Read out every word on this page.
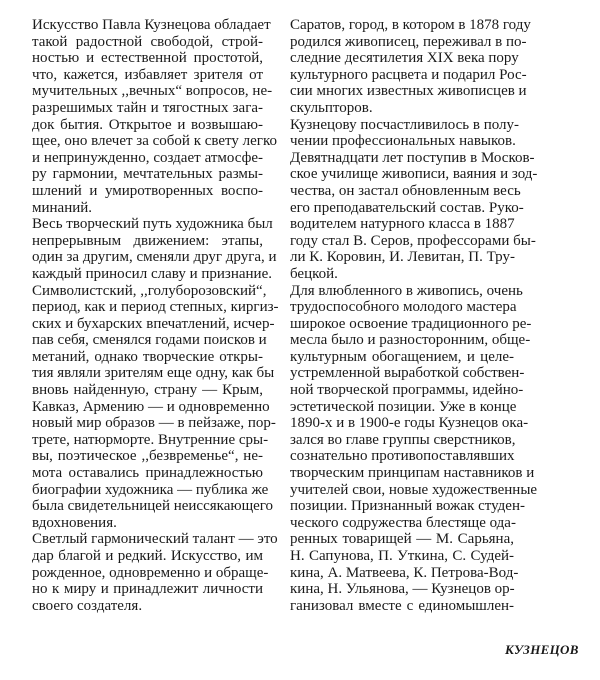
Искусство Павла Кузнецова обладает
такой радостной свободой, строй-
ностью и естественной простотой,
что, кажется, избавляет зрителя от
мучительных ,,вечных“ вопросов, не-
разрешимых тайн и тягостных зага-
док бытия. Открытое и возвышаю-
щее, оно влечет за собой к свету легко
и непринужденно, создает атмосфе-
ру гармонии, мечтательных размы-
шлений и умиротворенных воспо-
минаний.
Весь творческий путь художника был
непрерывным движением: этапы,
один за другим, сменяли друг друга, и
каждый приносил славу и признание.
Символистский, ,,голуборозовский“,
период, как и период степных, киргиз-
ских и бухарских впечатлений, исчер-
пав себя, сменялся годами поисков и
метаний, однако творческие откры-
тия являли зрителям еще одну, как бы
вновь найденную, страну — Крым,
Кавказ, Армению — и одновременно
новый мир образов — в пейзаже, пор-
трете, натюрморте. Внутренние сры-
вы, поэтическое ,,безвременье“, не-
мота оставались принадлежностью
биографии художника — публика же
была свидетельницей неиссякающего
вдохновения.
Светлый гармонический талант — это
дар благой и редкий. Искусство, им
рожденное, одновременно и обраще-
но к миру и принадлежит личности
своего создателя.
Саратов, город, в котором в 1878 году
родился живописец, переживал в по-
следние десятилетия XIX века пору
культурного расцвета и подарил Рос-
сии многих известных живописцев и
скульпторов.
Кузнецову посчастливилось в полу-
чении профессиональных навыков.
Девятнадцати лет поступив в Москов-
ское училище живописи, ваяния и зод-
чества, он застал обновленным весь
его преподавательский состав. Руко-
водителем натурного класса в 1887
году стал В. Серов, профессорами бы-
ли К. Коровин, И. Левитан, П. Тру-
бецкой.
Для влюбленного в живопись, очень
трудоспособного молодого мастера
широкое освоение традиционного ре-
месла было и разносторонним, обще-
культурным обогащением, и целе-
устремленной выработкой собствен-
ной творческой программы, идейно-
эстетической позиции. Уже в конце
1890-х и в 1900-е годы Кузнецов ока-
зался во главе группы сверстников,
сознательно противопоставлявших
творческим принципам наставников и
учителей свои, новые художественные
позиции. Признанный вожак студен-
ческого содружества блестяще ода-
ренных товарищей — М. Сарьяна,
Н. Сапунова, П. Уткина, С. Судей-
кина, А. Матвеева, К. Петрова-Вод-
кина, Н. Ульянова, — Кузнецов ор-
ганизовал вместе с единомышлен-
КУЗНЕЦОВ
